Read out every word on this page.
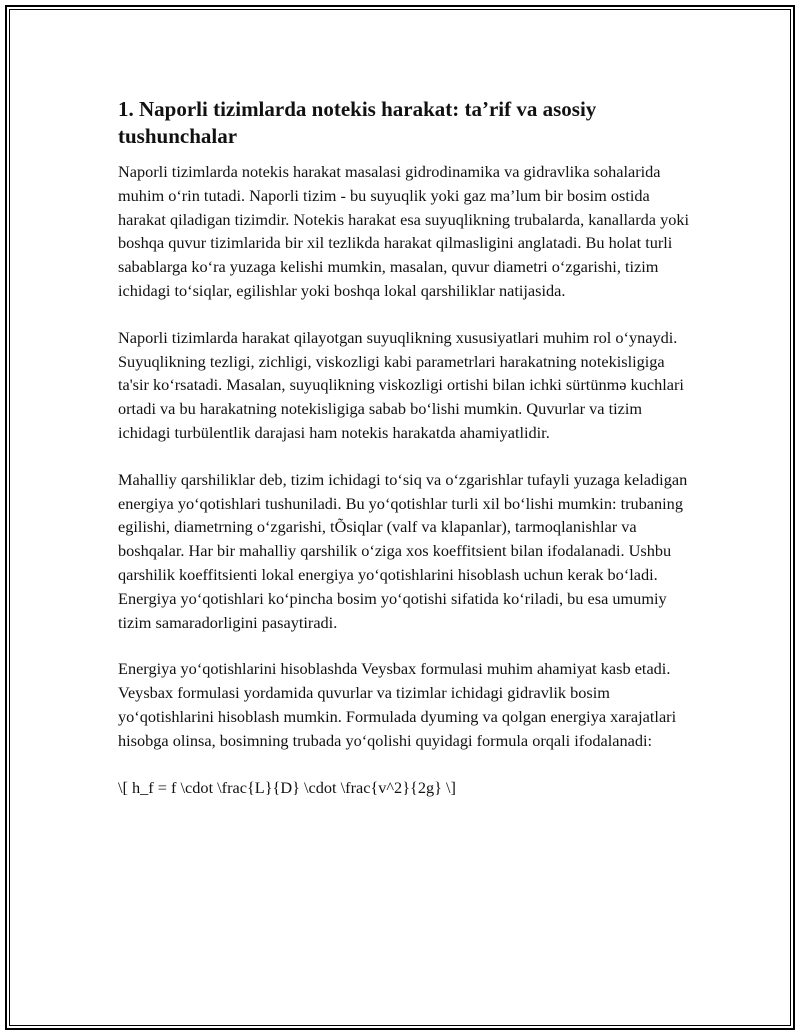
1. Naporli tizimlarda notekis harakat: ta’rif va asosiy tushunchalar

Naporli tizimlarda notekis harakat masalasi gidrodinamika va gidravlika sohalarida muhim oʻrin tutadi. Naporli tizim - bu suyuqlik yoki gaz ma’lum bir bosim ostida harakat qiladigan tizimdir. Notekis harakat esa suyuqlikning trubalarda, kanallarda yoki boshqa quvur tizimlarida bir xil tezlikda harakat qilmasligini anglatadi. Bu holat turli sabablarga koʻra yuzaga kelishi mumkin, masalan, quvur diametri oʻzgarishi, tizim ichidagi toʻsiqlar, egilishlar yoki boshqa lokal qarshiliklar natijasida.

Naporli tizimlarda harakat qilayotgan suyuqlikning xususiyatlari muhim rol oʻynaydi. Suyuqlikning tezligi, zichligi, viskozligi kabi parametrlari harakatning notekisligiga ta'sir koʻrsatadi. Masalan, suyuqlikning viskozligi ortishi bilan ichki sürtünmə kuchlari ortadi va bu harakatning notekisligiga sabab boʻlishi mumkin. Quvurlar va tizim ichidagi turbülentlik darajasi ham notekis harakatda ahamiyatlidir.

Mahalliy qarshiliklar deb, tizim ichidagi toʻsiq va oʻzgarishlar tufayli yuzaga keladigan energiya yoʻqotishlari tushuniladi. Bu yoʻqotishlar turli xil boʻlishi mumkin: trubaning egilishi, diametrning oʻzgarishi, tÕsiqlar (valf va klapanlar), tarmoqlanishlar va boshqalar. Har bir mahalliy qarshilik oʻziga xos koeffitsient bilan ifodalanadi. Ushbu qarshilik koeffitsienti lokal energiya yoʻqotishlarini hisoblash uchun kerak boʻladi. Energiya yoʻqotishlari koʻpincha bosim yoʻqotishi sifatida koʻriladi, bu esa umumiy tizim samaradorligini pasaytiradi.

Energiya yoʻqotishlarini hisoblashda Veysbax formulasi muhim ahamiyat kasb etadi. Veysbax formulasi yordamida quvurlar va tizimlar ichidagi gidravlik bosim yoʻqotishlarini hisoblash mumkin. Formulada dyuming va qolgan energiya xarajatlari hisobga olinsa, bosimning trubada yoʻqolishi quyidagi formula orqali ifodalanadi:

\[ h_f = f \cdot \frac{L}{D} \cdot \frac{v^2}{2g} \]
